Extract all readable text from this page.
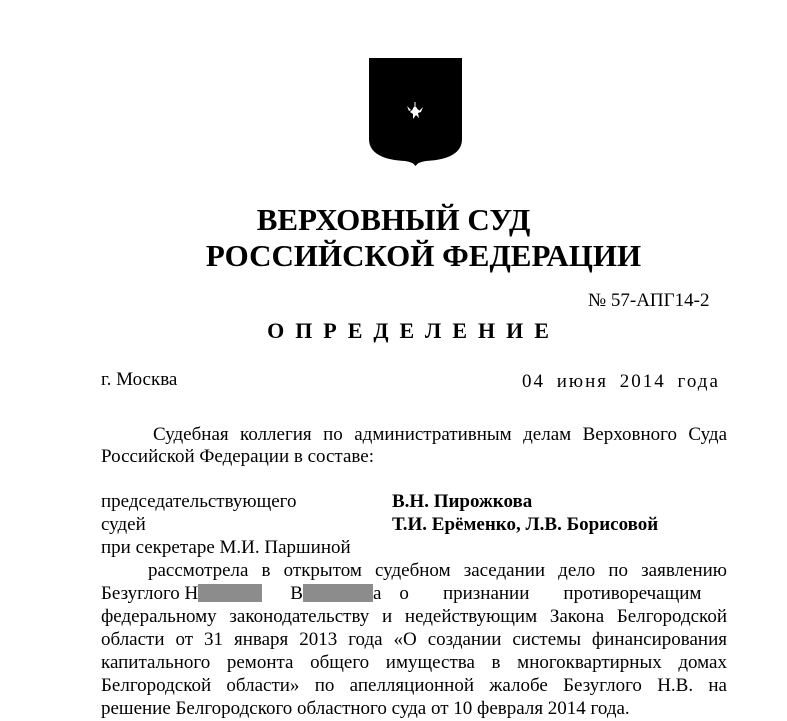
ВЕРХОВНЫЙ СУД
РОССИЙСКОЙ ФЕДЕРАЦИИ
№ 57-АПГ14-2
ОПРЕДЕЛЕНИЕ
г. Москва	04 июня 2014 года
Судебная коллегия по административным делам Верховного Суда
Российской Федерации в составе:
председательствующего	В.Н. Пирожкова
судей	Т.И. Ерёменко, Л.В. Борисовой
при секретаре М.И. Паршиной
рассмотрела в открытом судебном заседании дело по заявлению
Безуглого Н	В	а о признании противоречащим
федеральному законодательству и недействующим Закона Белгородской
области от 31 января 2013 года «О создании системы финансирования
капитального ремонта общего имущества в многоквартирных домах
Белгородской области» по апелляционной жалобе Безуглого Н.В. на
решение Белгородского областного суда от 10 февраля 2014 года.
